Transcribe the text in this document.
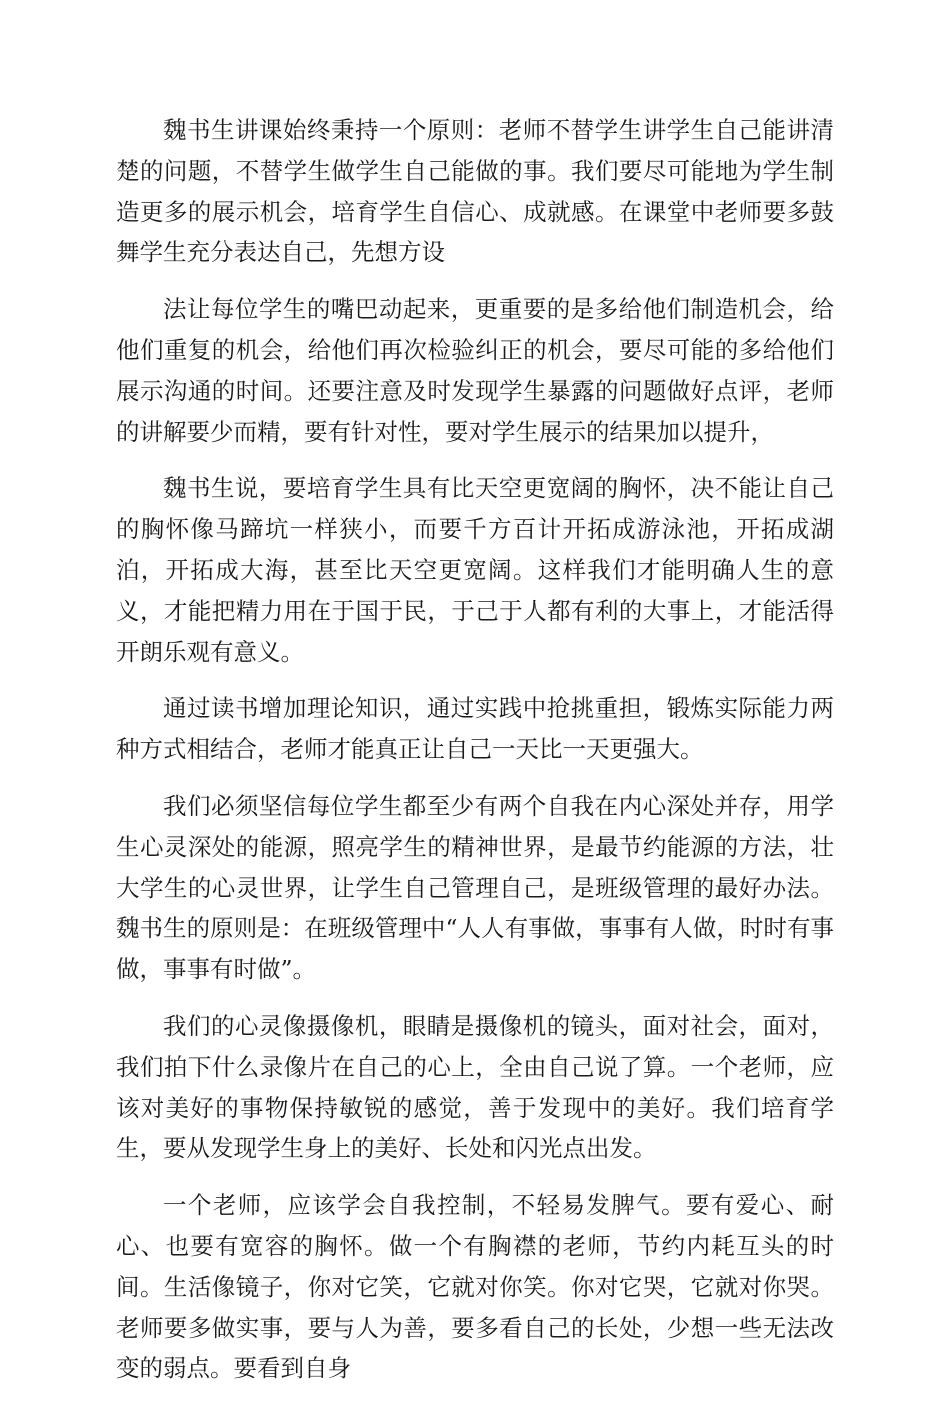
魏书生讲课始终秉持一个原则：老师不替学生讲学生自己能讲清楚的问题，不替学生做学生自己能做的事。我们要尽可能地为学生制造更多的展示机会，培育学生自信心、成就感。在课堂中老师要多鼓舞学生充分表达自己，先想方设

法让每位学生的嘴巴动起来，更重要的是多给他们制造机会，给他们重复的机会，给他们再次检验纠正的机会，要尽可能的多给他们展示沟通的时间。还要注意及时发现学生暴露的问题做好点评，老师的讲解要少而精，要有针对性，要对学生展示的结果加以提升，

魏书生说，要培育学生具有比天空更宽阔的胸怀，决不能让自己的胸怀像马蹄坑一样狭小，而要千方百计开拓成游泳池，开拓成湖泊，开拓成大海，甚至比天空更宽阔。这样我们才能明确人生的意义，才能把精力用在于国于民，于己于人都有利的大事上，才能活得开朗乐观有意义。

通过读书增加理论知识，通过实践中抢挑重担，锻炼实际能力两种方式相结合，老师才能真正让自己一天比一天更强大。

我们必须坚信每位学生都至少有两个自我在内心深处并存，用学生心灵深处的能源，照亮学生的精神世界，是最节约能源的方法，壮大学生的心灵世界，让学生自己管理自己，是班级管理的最好办法。魏书生的原则是：在班级管理中“人人有事做，事事有人做，时时有事做，事事有时做”。

我们的心灵像摄像机，眼睛是摄像机的镜头，面对社会，面对，我们拍下什么录像片在自己的心上，全由自己说了算。一个老师，应该对美好的事物保持敏锐的感觉，善于发现中的美好。我们培育学生，要从发现学生身上的美好、长处和闪光点出发。

一个老师，应该学会自我控制，不轻易发脾气。要有爱心、耐心、也要有宽容的胸怀。做一个有胸襟的老师，节约内耗互头的时间。生活像镜子，你对它笑，它就对你笑。你对它哭，它就对你哭。老师要多做实事，要与人为善，要多看自己的长处，少想一些无法改变的弱点。要看到自身
